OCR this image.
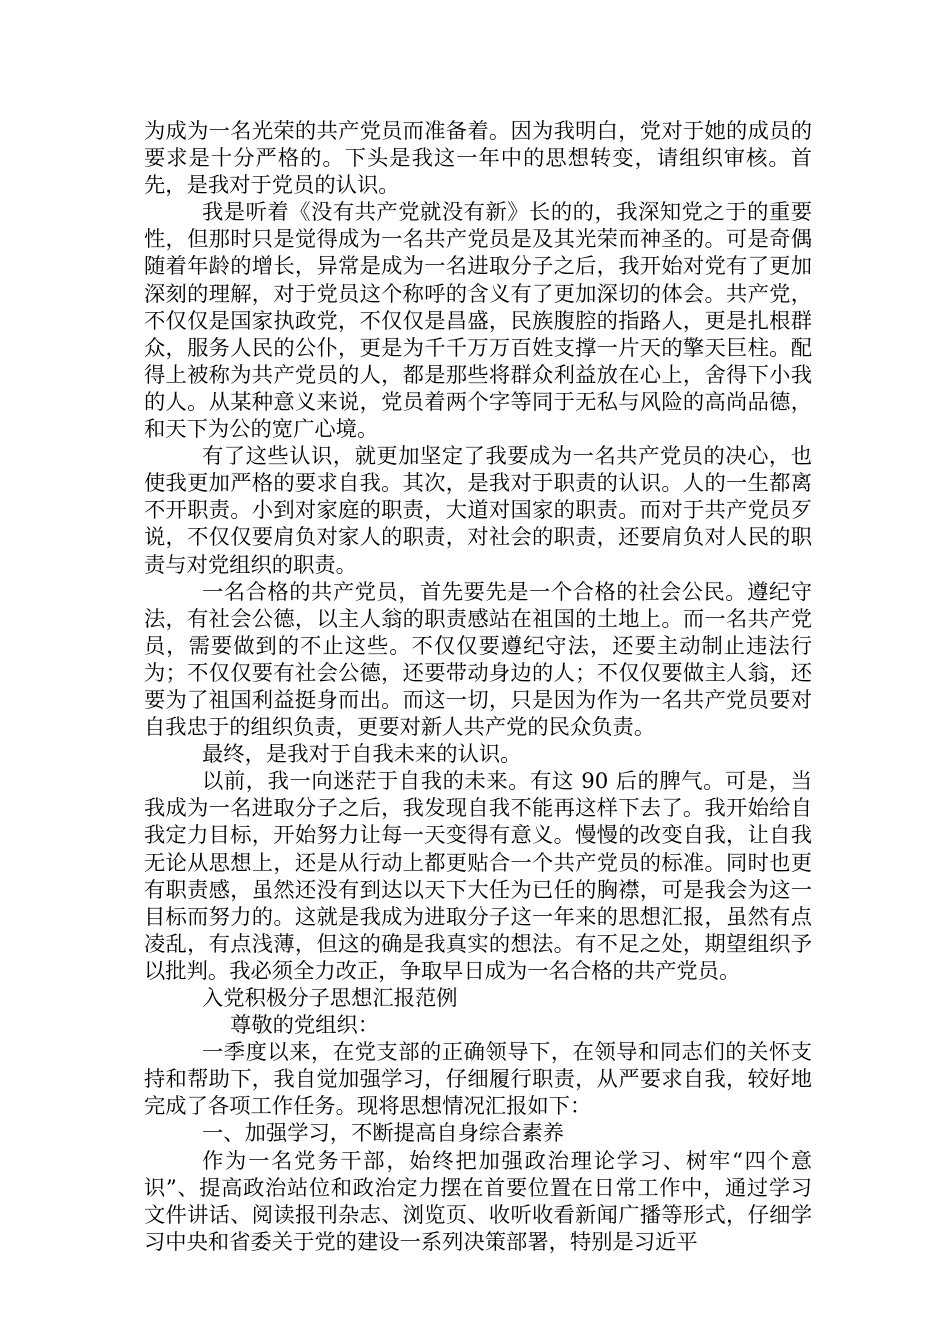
为成为一名光荣的共产党员而准备着。因为我明白，党对于她的成员的要求是十分严格的。下头是我这一年中的思想转变，请组织审核。首先，是我对于党员的认识。

我是听着《没有共产党就没有新》长的的，我深知党之于的重要性，但那时只是觉得成为一名共产党员是及其光荣而神圣的。可是奇偶随着年龄的增长，异常是成为一名进取分子之后，我开始对党有了更加深刻的理解，对于党员这个称呼的含义有了更加深切的体会。共产党，不仅仅是国家执政党，不仅仅是昌盛，民族腹腔的指路人，更是扎根群众，服务人民的公仆，更是为千千万万百姓支撑一片天的擎天巨柱。配得上被称为共产党员的人，都是那些将群众利益放在心上，舍得下小我的人。从某种意义来说，党员着两个字等同于无私与风险的高尚品德，和天下为公的宽广心境。

有了这些认识，就更加坚定了我要成为一名共产党员的决心，也使我更加严格的要求自我。其次，是我对于职责的认识。人的一生都离不开职责。小到对家庭的职责，大道对国家的职责。而对于共产党员歹说，不仅仅要肩负对家人的职责，对社会的职责，还要肩负对人民的职责与对党组织的职责。

一名合格的共产党员，首先要先是一个合格的社会公民。遵纪守法，有社会公德，以主人翁的职责感站在祖国的土地上。而一名共产党员，需要做到的不止这些。不仅仅要遵纪守法，还要主动制止违法行为；不仅仅要有社会公德，还要带动身边的人；不仅仅要做主人翁，还要为了祖国利益挺身而出。而这一切，只是因为作为一名共产党员要对自我忠于的组织负责，更要对新人共产党的民众负责。

最终，是我对于自我未来的认识。

以前，我一向迷茫于自我的未来。有这 90 后的脾气。可是，当我成为一名进取分子之后，我发现自我不能再这样下去了。我开始给自我定力目标，开始努力让每一天变得有意义。慢慢的改变自我，让自我无论从思想上，还是从行动上都更贴合一个共产党员的标准。同时也更有职责感，虽然还没有到达以天下大任为已任的胸襟，可是我会为这一目标而努力的。这就是我成为进取分子这一年来的思想汇报，虽然有点凌乱，有点浅薄，但这的确是我真实的想法。有不足之处，期望组织予以批判。我必须全力改正，争取早日成为一名合格的共产党员。

入党积极分子思想汇报范例

尊敬的党组织：

一季度以来，在党支部的正确领导下，在领导和同志们的关怀支持和帮助下，我自觉加强学习，仔细履行职责，从严要求自我，较好地完成了各项工作任务。现将思想情况汇报如下：

一、加强学习，不断提高自身综合素养

作为一名党务干部，始终把加强政治理论学习、树牢“四个意识”、提高政治站位和政治定力摆在首要位置在日常工作中，通过学习文件讲话、阅读报刊杂志、浏览页、收听收看新闻广播等形式，仔细学习中央和省委关于党的建设一系列决策部署，特别是习近平
